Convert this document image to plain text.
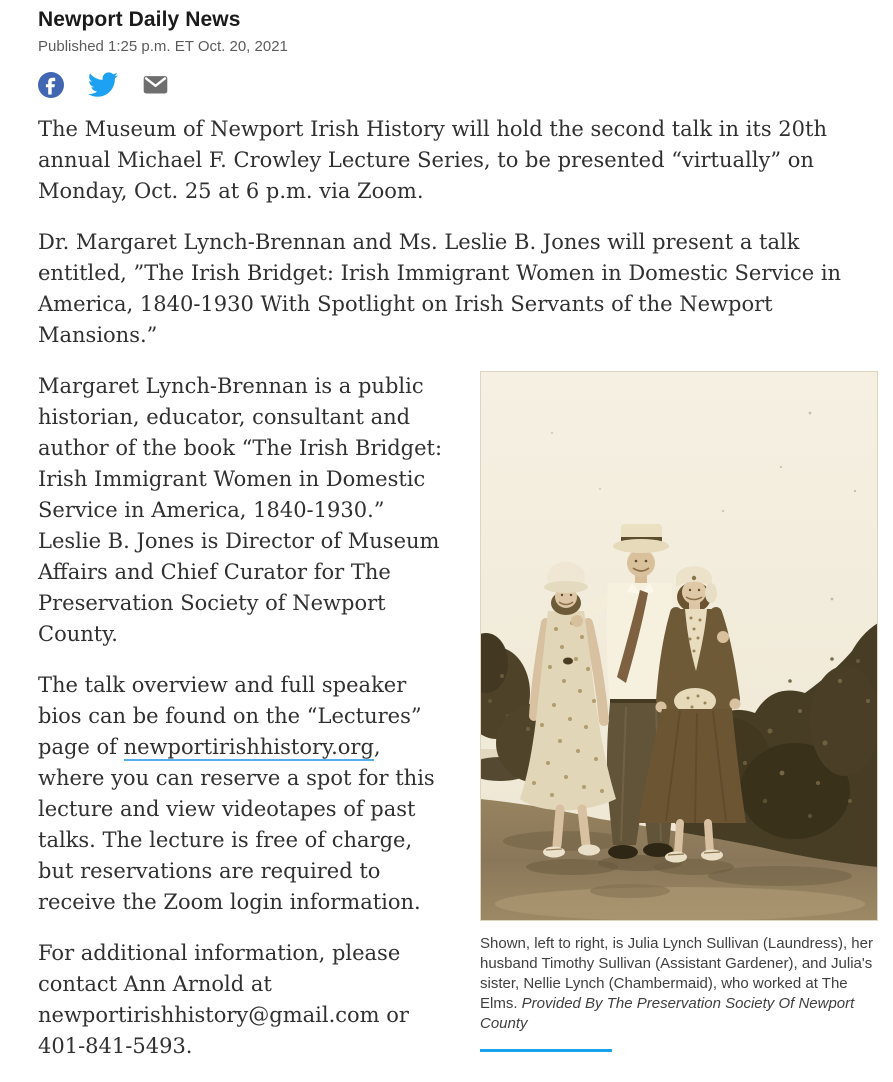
Newport Daily News
Published 1:25 p.m. ET Oct. 20, 2021

The Museum of Newport Irish History will hold the second talk in its 20th annual Michael F. Crowley Lecture Series, to be presented “virtually” on Monday, Oct. 25 at 6 p.m. via Zoom.

Dr. Margaret Lynch-Brennan and Ms. Leslie B. Jones will present a talk entitled, ”The Irish Bridget: Irish Immigrant Women in Domestic Service in America, 1840-1930 With Spotlight on Irish Servants of the Newport Mansions.”

Margaret Lynch-Brennan is a public historian, educator, consultant and author of the book “The Irish Bridget: Irish Immigrant Women in Domestic Service in America, 1840-1930.” Leslie B. Jones is Director of Museum Affairs and Chief Curator for The Preservation Society of Newport County.

The talk overview and full speaker bios can be found on the “Lectures” page of newportirishhistory.org, where you can reserve a spot for this lecture and view videotapes of past talks. The lecture is free of charge, but reservations are required to receive the Zoom login information.

For additional information, please contact Ann Arnold at newportirishhistory@gmail.com or 401-841-5493.

Shown, left to right, is Julia Lynch Sullivan (Laundress), her husband Timothy Sullivan (Assistant Gardener), and Julia's sister, Nellie Lynch (Chambermaid), who worked at The Elms. Provided By The Preservation Society Of Newport County
